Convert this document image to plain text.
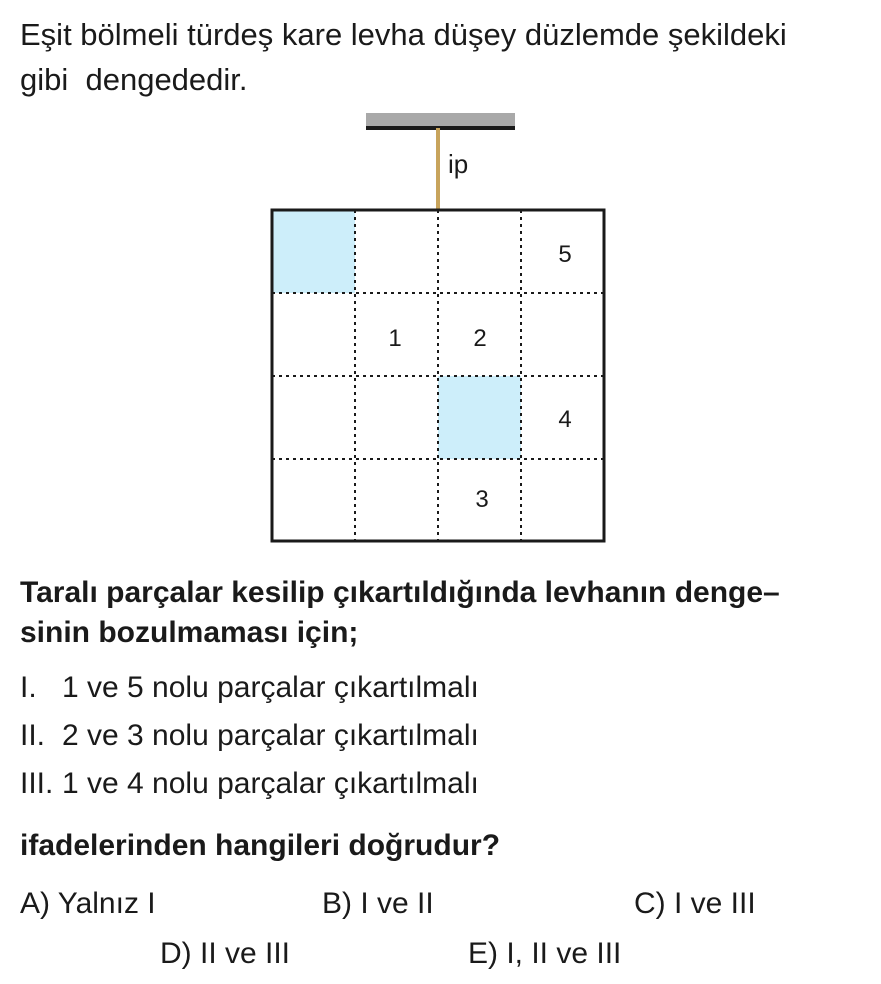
Eşit bölmeli türdeş kare levha düşey düzlemde şekildeki
gibi  dengededir.

ip
5
1	2
4
3

Taralı parçalar kesilip çıkartıldığında levhanın denge–
sinin bozulmaması için;

I. 1 ve 5 nolu parçalar çıkartılmalı
II. 2 ve 3 nolu parçalar çıkartılmalı
III. 1 ve 4 nolu parçalar çıkartılmalı
ifadelerinden hangileri doğrudur?
A) Yalnız I	B) I ve II	C) I ve III
D) II ve III	E) I, II ve III
